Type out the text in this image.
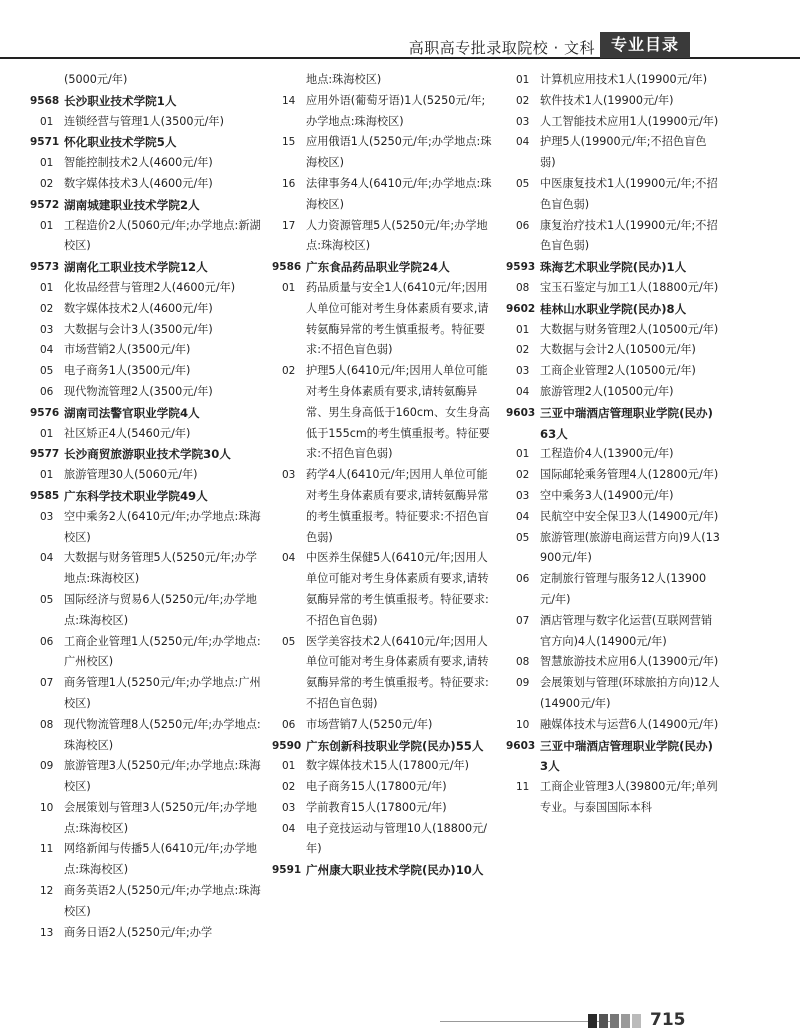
高职高专批录取院校 · 文科 专业目录
(5000元/年)
9568 长沙职业技术学院1人
01 连锁经营与管理1人(3500元/年)
9571 怀化职业技术学院5人
01 智能控制技术2人(4600元/年)
02 数字媒体技术3人(4600元/年)
9572 湖南城建职业技术学院2人
01 工程造价2人(5060元/年;办学地点:新湖校区)
9573 湖南化工职业技术学院12人
01 化妆品经营与管理2人(4600元/年)
02 数字媒体技术2人(4600元/年)
03 大数据与会计3人(3500元/年)
04 市场营销2人(3500元/年)
05 电子商务1人(3500元/年)
06 现代物流管理2人(3500元/年)
9576 湖南司法警官职业学院4人
01 社区矫正4人(5460元/年)
9577 长沙商贸旅游职业技术学院30人
01 旅游管理30人(5060元/年)
9585 广东科学技术职业学院49人
03 空中乘务2人(6410元/年;办学地点:珠海校区)
04 大数据与财务管理5人(5250元/年;办学地点:珠海校区)
05 国际经济与贸易6人(5250元/年;办学地点:珠海校区)
06 工商企业管理1人(5250元/年;办学地点:广州校区)
07 商务管理1人(5250元/年;办学地点:广州校区)
08 现代物流管理8人(5250元/年;办学地点:珠海校区)
09 旅游管理3人(5250元/年;办学地点:珠海校区)
10 会展策划与管理3人(5250元/年;办学地点:珠海校区)
11 网络新闻与传播5人(6410元/年;办学地点:珠海校区)
12 商务英语2人(5250元/年;办学地点:珠海校区)
13 商务日语2人(5250元/年;办学
地点:珠海校区)
14 应用外语(葡萄牙语)1人(5250元/年;办学地点:珠海校区)
15 应用俄语1人(5250元/年;办学地点:珠海校区)
16 法律事务4人(6410元/年;办学地点:珠海校区)
17 人力资源管理5人(5250元/年;办学地点:珠海校区)
9586 广东食品药品职业学院24人
01 药品质量与安全1人(6410元/年;因用人单位可能对考生身体素质有要求,请转氨酶异常的考生慎重报考。特征要求:不招色盲色弱)
02 护理5人(6410元/年;因用人单位可能对考生身体素质有要求,请转氨酶异常、男生身高低于160cm、女生身高低于155cm的考生慎重报考。特征要求:不招色盲色弱)
03 药学4人(6410元/年;因用人单位可能对考生身体素质有要求,请转氨酶异常的考生慎重报考。特征要求:不招色盲色弱)
04 中医养生保健5人(6410元/年;因用人单位可能对考生身体素质有要求,请转氨酶异常的考生慎重报考。特征要求:不招色盲色弱)
05 医学美容技术2人(6410元/年;因用人单位可能对考生身体素质有要求,请转氨酶异常的考生慎重报考。特征要求:不招色盲色弱)
06 市场营销7人(5250元/年)
9590 广东创新科技职业学院(民办)55人
01 数字媒体技术15人(17800元/年)
02 电子商务15人(17800元/年)
03 学前教育15人(17800元/年)
04 电子竞技运动与管理10人(18800元/年)
9591 广州康大职业技术学院(民办)10人
01 计算机应用技术1人(19900元/年)
02 软件技术1人(19900元/年)
03 人工智能技术应用1人(19900元/年)
04 护理5人(19900元/年;不招色盲色弱)
05 中医康复技术1人(19900元/年;不招色盲色弱)
06 康复治疗技术1人(19900元/年;不招色盲色弱)
9593 珠海艺术职业学院(民办)1人
08 宝玉石鉴定与加工1人(18800元/年)
9602 桂林山水职业学院(民办)8人
01 大数据与财务管理2人(10500元/年)
02 大数据与会计2人(10500元/年)
03 工商企业管理2人(10500元/年)
04 旅游管理2人(10500元/年)
9603 三亚中瑞酒店管理职业学院(民办)63人
01 工程造价4人(13900元/年)
02 国际邮轮乘务管理4人(12800元/年)
03 空中乘务3人(14900元/年)
04 民航空中安全保卫3人(14900元/年)
05 旅游管理(旅游电商运营方向)9人(13900元/年)
06 定制旅行管理与服务12人(13900元/年)
07 酒店管理与数字化运营(互联网营销官方向)4人(14900元/年)
08 智慧旅游技术应用6人(13900元/年)
09 会展策划与管理(环球旅拍方向)12人(14900元/年)
10 融媒体技术与运营6人(14900元/年)
9603 三亚中瑞酒店管理职业学院(民办)3人
11 工商企业管理3人(39800元/年;单列专业。与泰国国际本科
715
